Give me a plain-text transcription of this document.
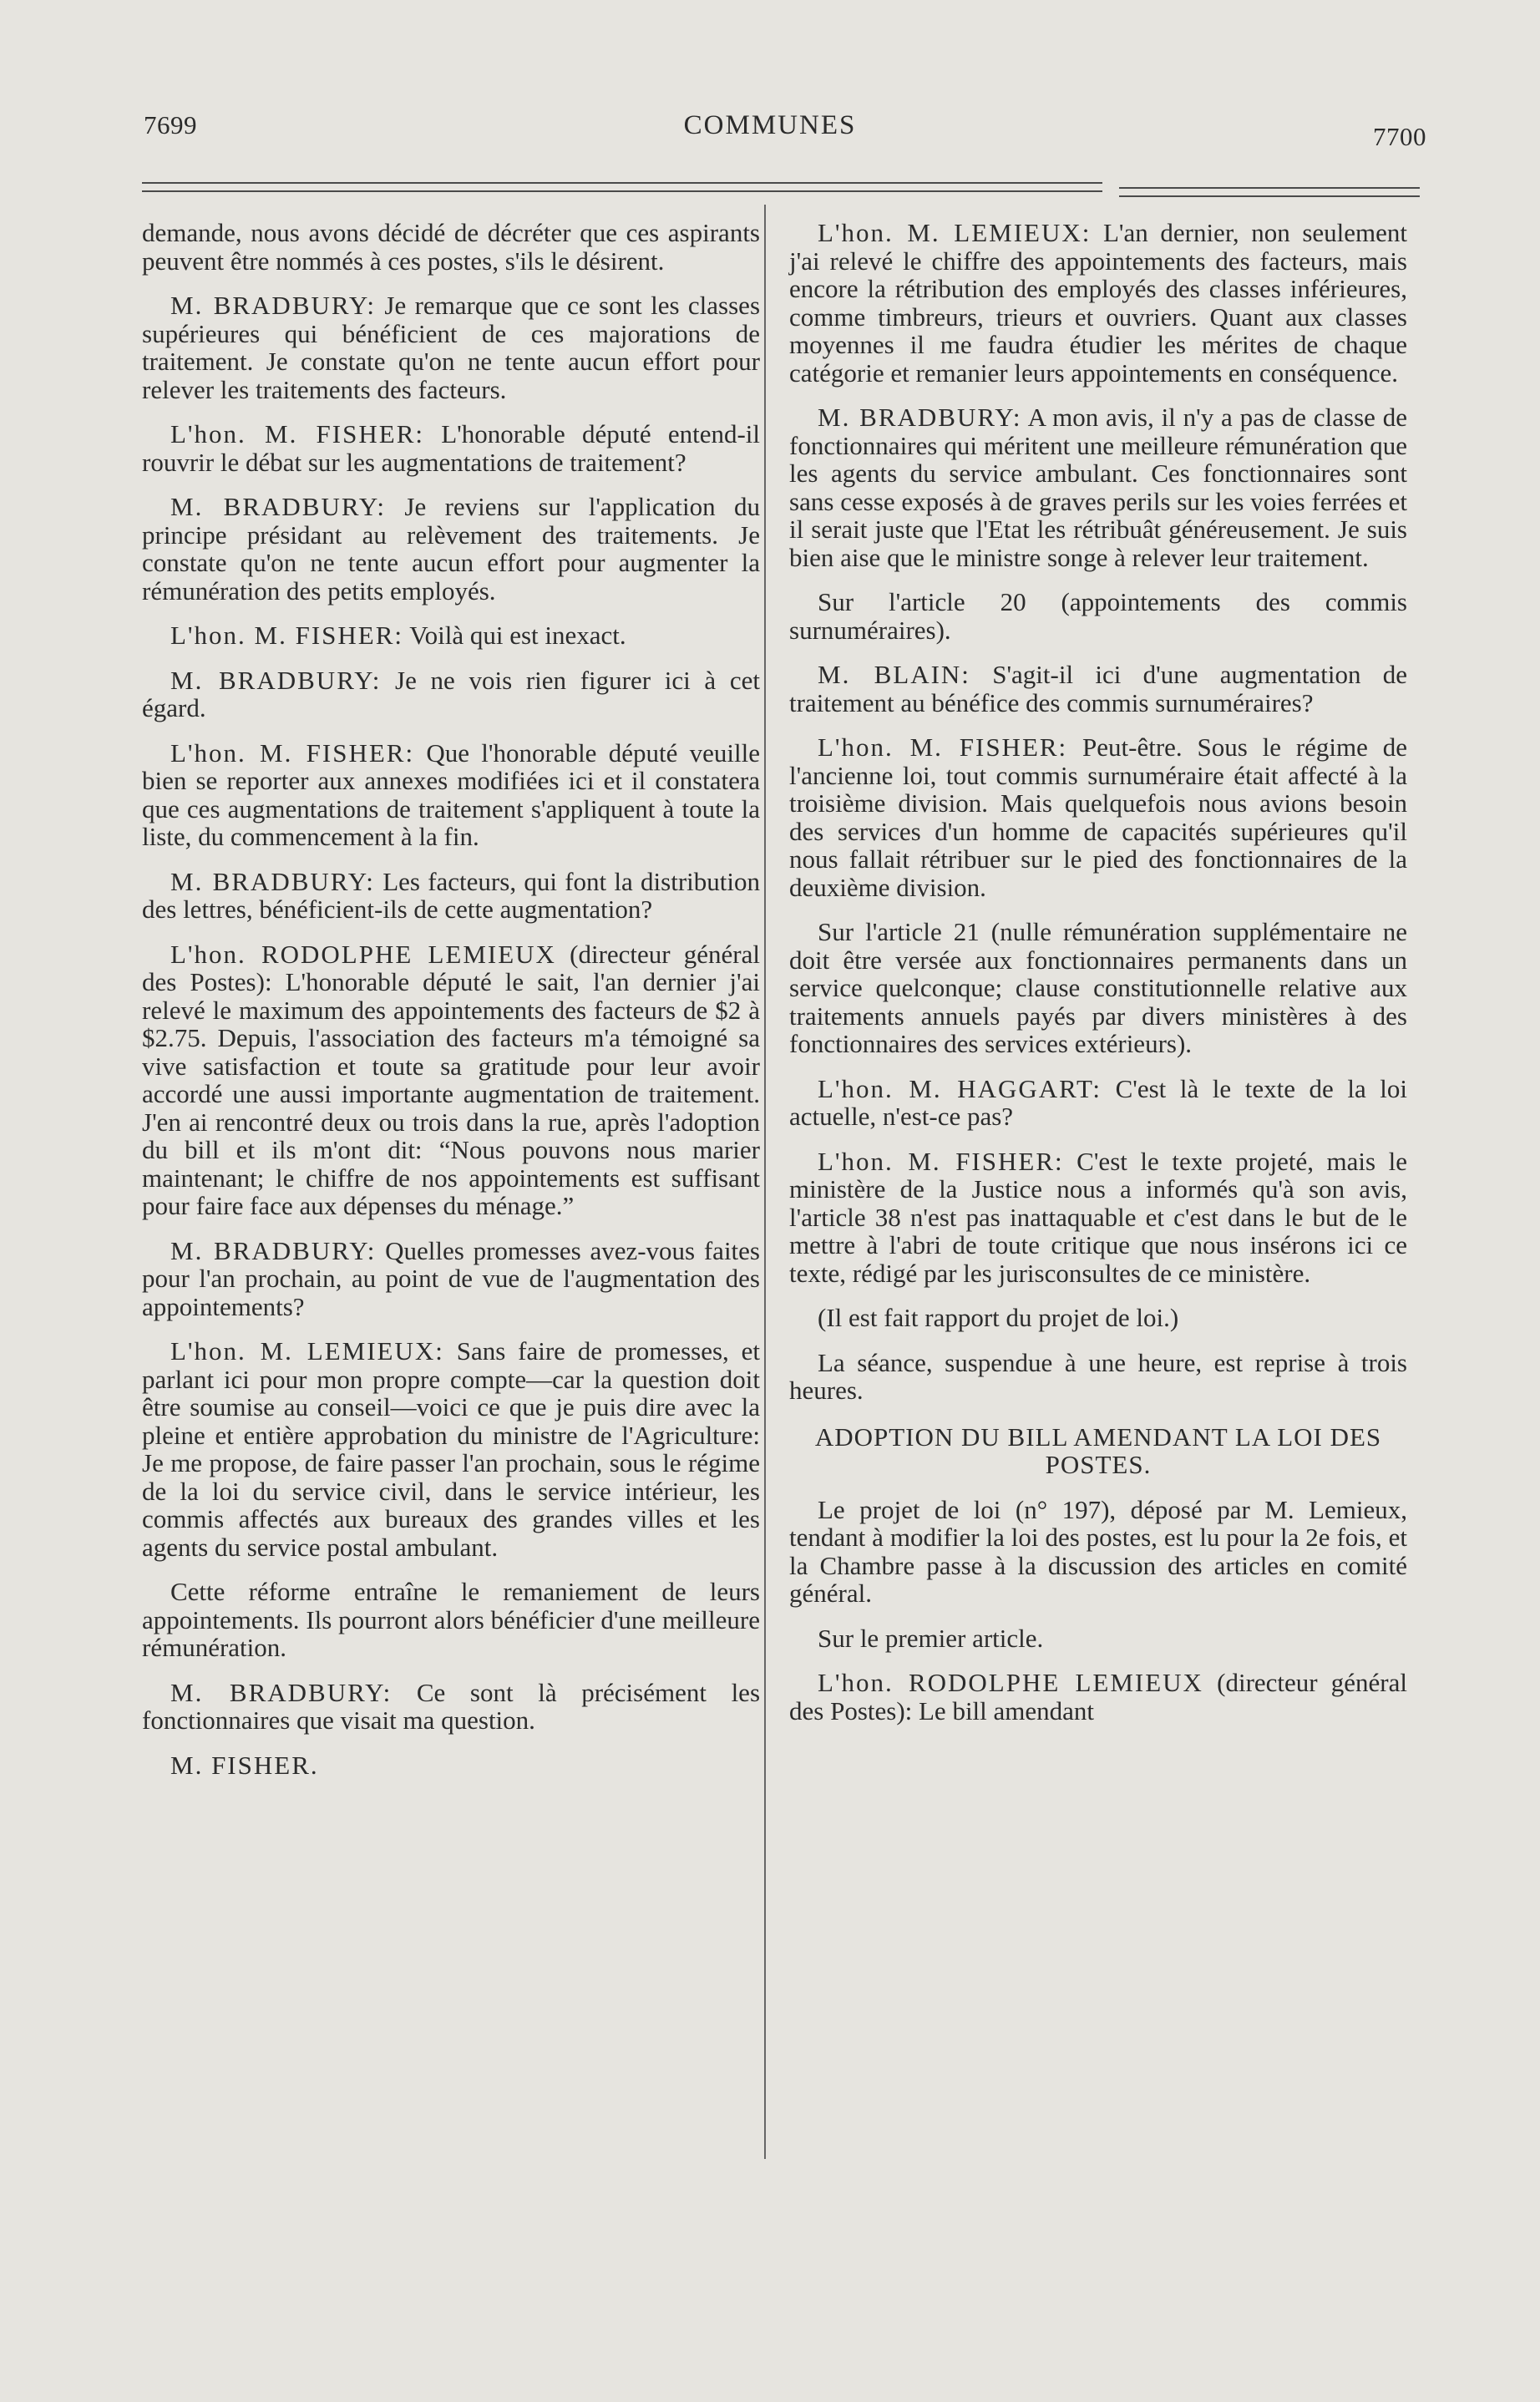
7699	COMMUNES	7700

demande, nous avons décidé de décréter que ces aspirants peuvent être nommés à ces postes, s'ils le désirent.

M. BRADBURY: Je remarque que ce sont les classes supérieures qui bénéficient de ces majorations de traitement. Je constate qu'on ne tente aucun effort pour relever les traitements des facteurs.

L'hon. M. FISHER: L'honorable député entend-il rouvrir le débat sur les augmentations de traitement?

M. BRADBURY: Je reviens sur l'application du principe présidant au relèvement des traitements. Je constate qu'on ne tente aucun effort pour augmenter la rémunération des petits employés.

L'hon. M. FISHER: Voilà qui est inexact.

M. BRADBURY: Je ne vois rien figurer ici à cet égard.

L'hon. M. FISHER: Que l'honorable député veuille bien se reporter aux annexes modifiées ici et il constatera que ces augmentations de traitement s'appliquent à toute la liste, du commencement à la fin.

M. BRADBURY: Les facteurs, qui font la distribution des lettres, bénéficient-ils de cette augmentation?

L'hon. RODOLPHE LEMIEUX (directeur général des Postes): L'honorable député le sait, l'an dernier j'ai relevé le maximum des appointements des facteurs de $2 à $2.75. Depuis, l'association des facteurs m'a témoigné sa vive satisfaction et toute sa gratitude pour leur avoir accordé une aussi importante augmentation de traitement. J'en ai rencontré deux ou trois dans la rue, après l'adoption du bill et ils m'ont dit: “Nous pouvons nous marier maintenant; le chiffre de nos appointements est suffisant pour faire face aux dépenses du ménage.”

M. BRADBURY: Quelles promesses avez-vous faites pour l'an prochain, au point de vue de l'augmentation des appointements?

L'hon. M. LEMIEUX: Sans faire de promesses, et parlant ici pour mon propre compte—car la question doit être soumise au conseil—voici ce que je puis dire avec la pleine et entière approbation du ministre de l'Agriculture: Je me propose, de faire passer l'an prochain, sous le régime de la loi du service civil, dans le service intérieur, les commis affectés aux bureaux des grandes villes et les agents du service postal ambulant.

Cette réforme entraîne le remaniement de leurs appointements. Ils pourront alors bénéficier d'une meilleure rémunération.

M. BRADBURY: Ce sont là précisément les fonctionnaires que visait ma question.

M. FISHER.

L'hon. M. LEMIEUX: L'an dernier, non seulement j'ai relevé le chiffre des appointements des facteurs, mais encore la rétribution des employés des classes inférieures, comme timbreurs, trieurs et ouvriers. Quant aux classes moyennes il me faudra étudier les mérites de chaque catégorie et remanier leurs appointements en conséquence.

M. BRADBURY: A mon avis, il n'y a pas de classe de fonctionnaires qui méritent une meilleure rémunération que les agents du service ambulant. Ces fonctionnaires sont sans cesse exposés à de graves perils sur les voies ferrées et il serait juste que l'Etat les rétribuât généreusement. Je suis bien aise que le ministre songe à relever leur traitement.

Sur l'article 20 (appointements des commis surnuméraires).

M. BLAIN: S'agit-il ici d'une augmentation de traitement au bénéfice des commis surnuméraires?

L'hon. M. FISHER: Peut-être. Sous le régime de l'ancienne loi, tout commis surnuméraire était affecté à la troisième division. Mais quelquefois nous avions besoin des services d'un homme de capacités supérieures qu'il nous fallait rétribuer sur le pied des fonctionnaires de la deuxième division.

Sur l'article 21 (nulle rémunération supplémentaire ne doit être versée aux fonctionnaires permanents dans un service quelconque; clause constitutionnelle relative aux traitements annuels payés par divers ministères à des fonctionnaires des services extérieurs).

L'hon. M. HAGGART: C'est là le texte de la loi actuelle, n'est-ce pas?

L'hon. M. FISHER: C'est le texte projeté, mais le ministère de la Justice nous a informés qu'à son avis, l'article 38 n'est pas inattaquable et c'est dans le but de le mettre à l'abri de toute critique que nous insérons ici ce texte, rédigé par les jurisconsultes de ce ministère.

(Il est fait rapport du projet de loi.)

La séance, suspendue à une heure, est reprise à trois heures.

ADOPTION DU BILL AMENDANT LA LOI DES POSTES.

Le projet de loi (n° 197), déposé par M. Lemieux, tendant à modifier la loi des postes, est lu pour la 2e fois, et la Chambre passe à la discussion des articles en comité général.

Sur le premier article.

L'hon. RODOLPHE LEMIEUX (directeur général des Postes): Le bill amendant
